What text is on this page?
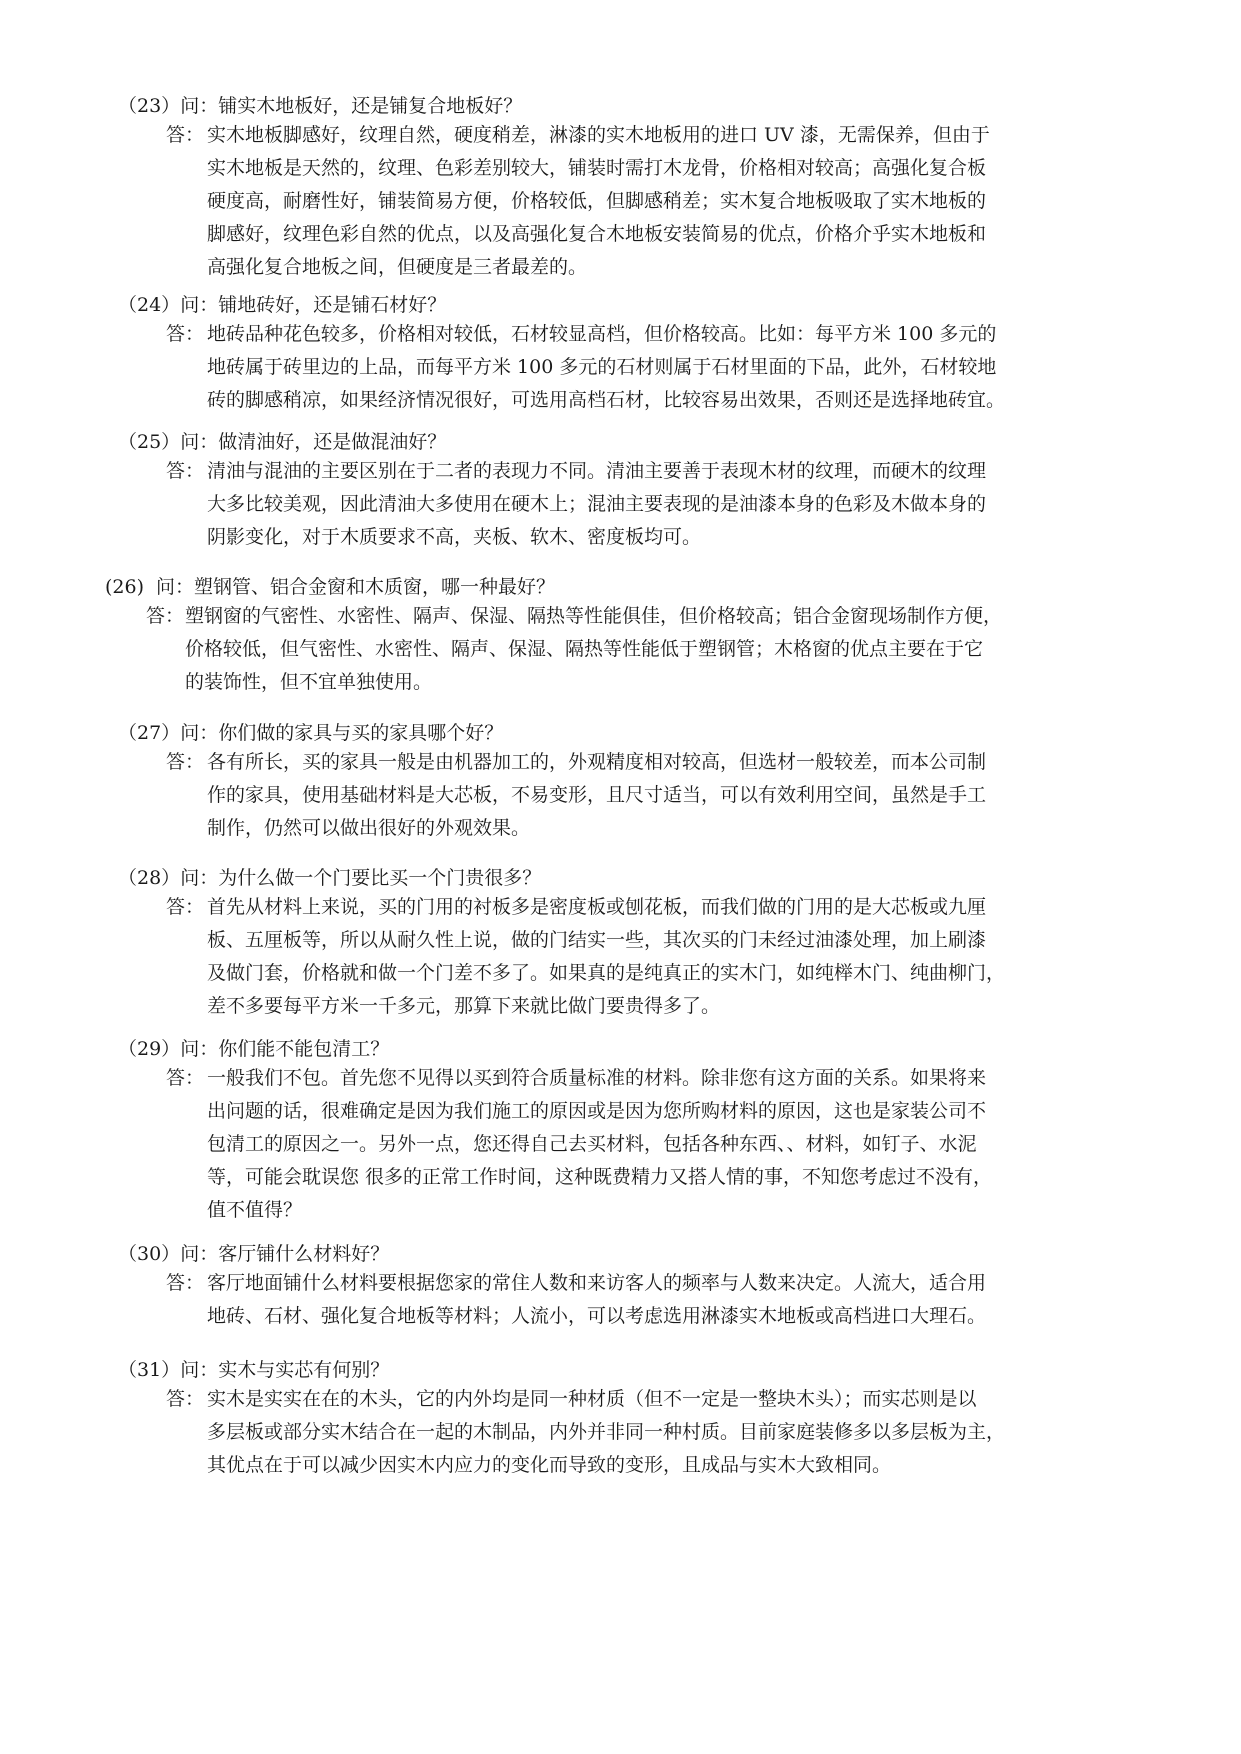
（23）问：铺实木地板好，还是铺复合地板好？
答： 实木地板脚感好，纹理自然，硬度稍差，淋漆的实木地板用的进口 UV 漆，无需保养，但由于
实木地板是天然的，纹理、色彩差别较大，铺装时需打木龙骨，价格相对较高；高强化复合板
硬度高，耐磨性好，铺装简易方便，价格较低，但脚感稍差；实木复合地板吸取了实木地板的
脚感好，纹理色彩自然的优点，以及高强化复合木地板安装简易的优点，价格介乎实木地板和
高强化复合地板之间，但硬度是三者最差的。
（24）问：铺地砖好，还是铺石材好？
答： 地砖品种花色较多，价格相对较低，石材较显高档，但价格较高。比如：每平方米 100 多元的
地砖属于砖里边的上品，而每平方米 100 多元的石材则属于石材里面的下品，此外，石材较地
砖的脚感稍凉，如果经济情况很好，可选用高档石材，比较容易出效果，否则还是选择地砖宜。
（25）问：做清油好，还是做混油好？
答： 清油与混油的主要区别在于二者的表现力不同。清油主要善于表现木材的纹理，而硬木的纹理
大多比较美观，因此清油大多使用在硬木上；混油主要表现的是油漆本身的色彩及木做本身的
阴影变化，对于木质要求不高，夹板、软木、密度板均可。
(26) 问：塑钢管、铝合金窗和木质窗，哪一种最好？
答： 塑钢窗的气密性、水密性、隔声、保湿、隔热等性能俱佳，但价格较高；铝合金窗现场制作方便，
价格较低，但气密性、水密性、隔声、保湿、隔热等性能低于塑钢管；木格窗的优点主要在于它
的装饰性，但不宜单独使用。
（27）问：你们做的家具与买的家具哪个好？
答： 各有所长，买的家具一般是由机器加工的，外观精度相对较高，但选材一般较差，而本公司制
作的家具，使用基础材料是大芯板，不易变形，且尺寸适当，可以有效利用空间，虽然是手工
制作，仍然可以做出很好的外观效果。
（28）问：为什么做一个门要比买一个门贵很多？
答： 首先从材料上来说，买的门用的衬板多是密度板或刨花板，而我们做的门用的是大芯板或九厘
板、五厘板等，所以从耐久性上说，做的门结实一些，其次买的门未经过油漆处理，加上刷漆
及做门套，价格就和做一个门差不多了。如果真的是纯真正的实木门，如纯榉木门、纯曲柳门，
差不多要每平方米一千多元，那算下来就比做门要贵得多了。
（29）问：你们能不能包清工？
答： 一般我们不包。首先您不见得以买到符合质量标准的材料。除非您有这方面的关系。如果将来
出问题的话，很难确定是因为我们施工的原因或是因为您所购材料的原因，这也是家装公司不
包清工的原因之一。另外一点，您还得自己去买材料，包括各种东西、、材料，如钉子、水泥
等，可能会耽误您 很多的正常工作时间，这种既费精力又搭人情的事，不知您考虑过不没有，
值不值得？
（30）问：客厅铺什么材料好？
答： 客厅地面铺什么材料要根据您家的常住人数和来访客人的频率与人数来决定。人流大，适合用
地砖、石材、强化复合地板等材料；人流小，可以考虑选用淋漆实木地板或高档进口大理石。
（31）问：实木与实芯有何别？
答： 实木是实实在在的木头，它的内外均是同一种材质（但不一定是一整块木头）；而实芯则是以
多层板或部分实木结合在一起的木制品，内外并非同一种村质。目前家庭装修多以多层板为主，
其优点在于可以减少因实木内应力的变化而导致的变形，且成品与实木大致相同。
